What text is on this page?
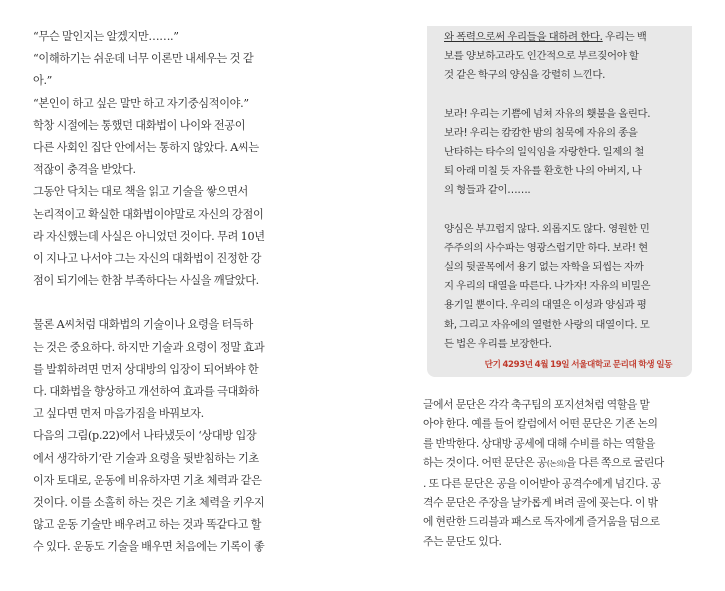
“무슨 말인지는 알겠지만…….”

“이해하기는 쉬운데 너무 이론만 내세우는 것 같

아.”

“본인이 하고 싶은 말만 하고 자기중심적이야.”

학창 시절에는 통했던 대화법이 나이와 전공이

다른 사회인 집단 안에서는 통하지 않았다. A씨는

적잖이 충격을 받았다.

그동안 닥치는 대로 책을 읽고 기술을 쌓으면서

논리적이고 확실한 대화법이야말로 자신의 강점이

라 자신했는데 사실은 아니었던 것이다. 무려 10년

이 지나고 나서야 그는 자신의 대화법이 진정한 강

점이 되기에는 한참 부족하다는 사실을 깨달았다.

물론 A씨처럼 대화법의 기술이나 요령을 터득하

는 것은 중요하다. 하지만 기술과 요령이 정말 효과

를 발휘하려면 먼저 상대방의 입장이 되어봐야 한

다. 대화법을 향상하고 개선하여 효과를 극대화하

고 싶다면 먼저 마음가짐을 바꿔보자.

다음의 그림(p.22)에서 나타냈듯이 ‘상대방 입장

에서 생각하기’란 기술과 요령을 뒷받침하는 기초

이자 토대로, 운동에 비유하자면 기초 체력과 같은

것이다. 이를 소홀히 하는 것은 기초 체력을 키우지

않고 운동 기술만 배우려고 하는 것과 똑같다고 할

수 있다. 운동도 기술을 배우면 처음에는 기록이 좋

와 폭력으로써 우리들을 대하려 한다. 우리는 백

보를 양보하고라도 인간적으로 부르짖어야 할

것 같은 학구의 양심을 강렬히 느낀다.

보라! 우리는 기쁨에 넘쳐 자유의 횃불을 올린다.

보라! 우리는 캄캄한 밤의 침묵에 자유의 종을

난타하는 타수의 일익임을 자랑한다. 일제의 철

퇴 아래 미칠 듯 자유를 환호한 나의 아버지, 나

의 형들과 같이…….

양심은 부끄럽지 않다. 외롭지도 않다. 영원한 민

주주의의 사수파는 영광스럽기만 하다. 보라! 현

실의 뒷골목에서 용기 없는 자학을 되씹는 자까

지 우리의 대열을 따른다. 나가자! 자유의 비밀은

용기일 뿐이다. 우리의 대열은 이성과 양심과 평

화, 그리고 자유에의 열렬한 사랑의 대열이다. 모

든 법은 우리를 보장한다.

단기 4293년 4월 19일 서울대학교 문리대 학생 일동

글에서 문단은 각각 축구팀의 포지션처럼 역할을 맡

아야 한다. 예를 들어 칼럼에서 어떤 문단은 기존 논의

를 반박한다. 상대방 공세에 대해 수비를 하는 역할을

하는 것이다. 어떤 문단은 공(논의)을 다른 쪽으로 굴린다

. 또 다른 문단은 공을 이어받아 공격수에게 넘긴다. 공

격수 문단은 주장을 날카롭게 벼려 골에 꽂는다. 이 밖

에 현란한 드리블과 패스로 독자에게 즐거움을 덤으로

주는 문단도 있다.
